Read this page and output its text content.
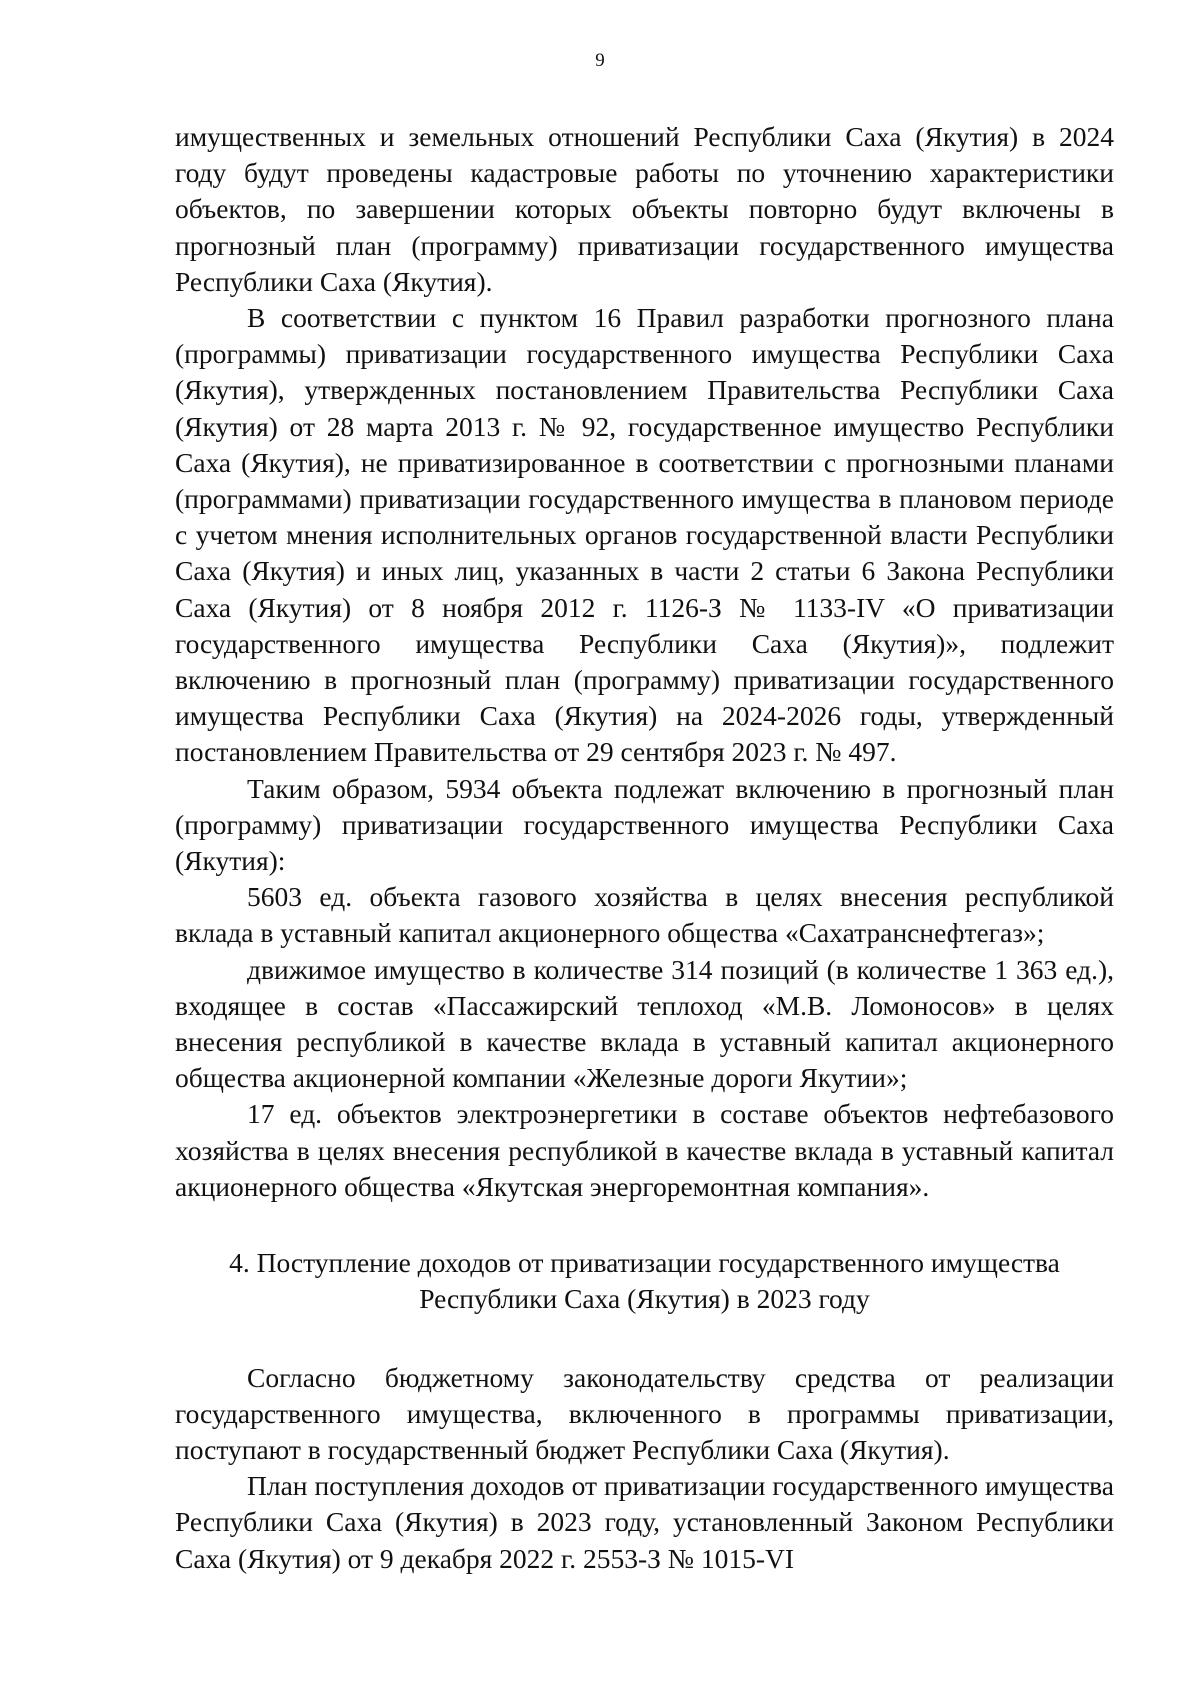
9

имущественных и земельных отношений Республики Саха (Якутия) в 2024 году будут проведены кадастровые работы по уточнению характеристики объектов, по завершении которых объекты повторно будут включены в прогнозный план (программу) приватизации государственного имущества Республики Саха (Якутия).

В соответствии с пунктом 16 Правил разработки прогнозного плана (программы) приватизации государственного имущества Республики Саха (Якутия), утвержденных постановлением Правительства Республики Саха (Якутия) от 28 марта 2013 г. № 92, государственное имущество Республики Саха (Якутия), не приватизированное в соответствии с прогнозными планами (программами) приватизации государственного имущества в плановом периоде с учетом мнения исполнительных органов государственной власти Республики Саха (Якутия) и иных лиц, указанных в части 2 статьи 6 Закона Республики Саха (Якутия) от 8 ноября 2012 г. 1126-З № 1133-IV «О приватизации государственного имущества Республики Саха (Якутия)», подлежит включению в прогнозный план (программу) приватизации государственного имущества Республики Саха (Якутия) на 2024-2026 годы, утвержденный постановлением Правительства от 29 сентября 2023 г. № 497.

Таким образом, 5934 объекта подлежат включению в прогнозный план (программу) приватизации государственного имущества Республики Саха (Якутия):

5603 ед. объекта газового хозяйства в целях внесения республикой вклада в уставный капитал акционерного общества «Сахатранснефтегаз»;

движимое имущество в количестве 314 позиций (в количестве 1 363 ед.), входящее в состав «Пассажирский теплоход «М.В. Ломоносов» в целях внесения республикой в качестве вклада в уставный капитал акционерного общества акционерной компании «Железные дороги Якутии»;

17 ед. объектов электроэнергетики в составе объектов нефтебазового хозяйства в целях внесения республикой в качестве вклада в уставный капитал акционерного общества «Якутская энергоремонтная компания».

4. Поступление доходов от приватизации государственного имущества
Республики Саха (Якутия) в 2023 году

Согласно бюджетному законодательству средства от реализации государственного имущества, включенного в программы приватизации, поступают в государственный бюджет Республики Саха (Якутия).

План поступления доходов от приватизации государственного имущества Республики Саха (Якутия) в 2023 году, установленный Законом Республики Саха (Якутия) от 9 декабря 2022 г. 2553-З № 1015-VI
